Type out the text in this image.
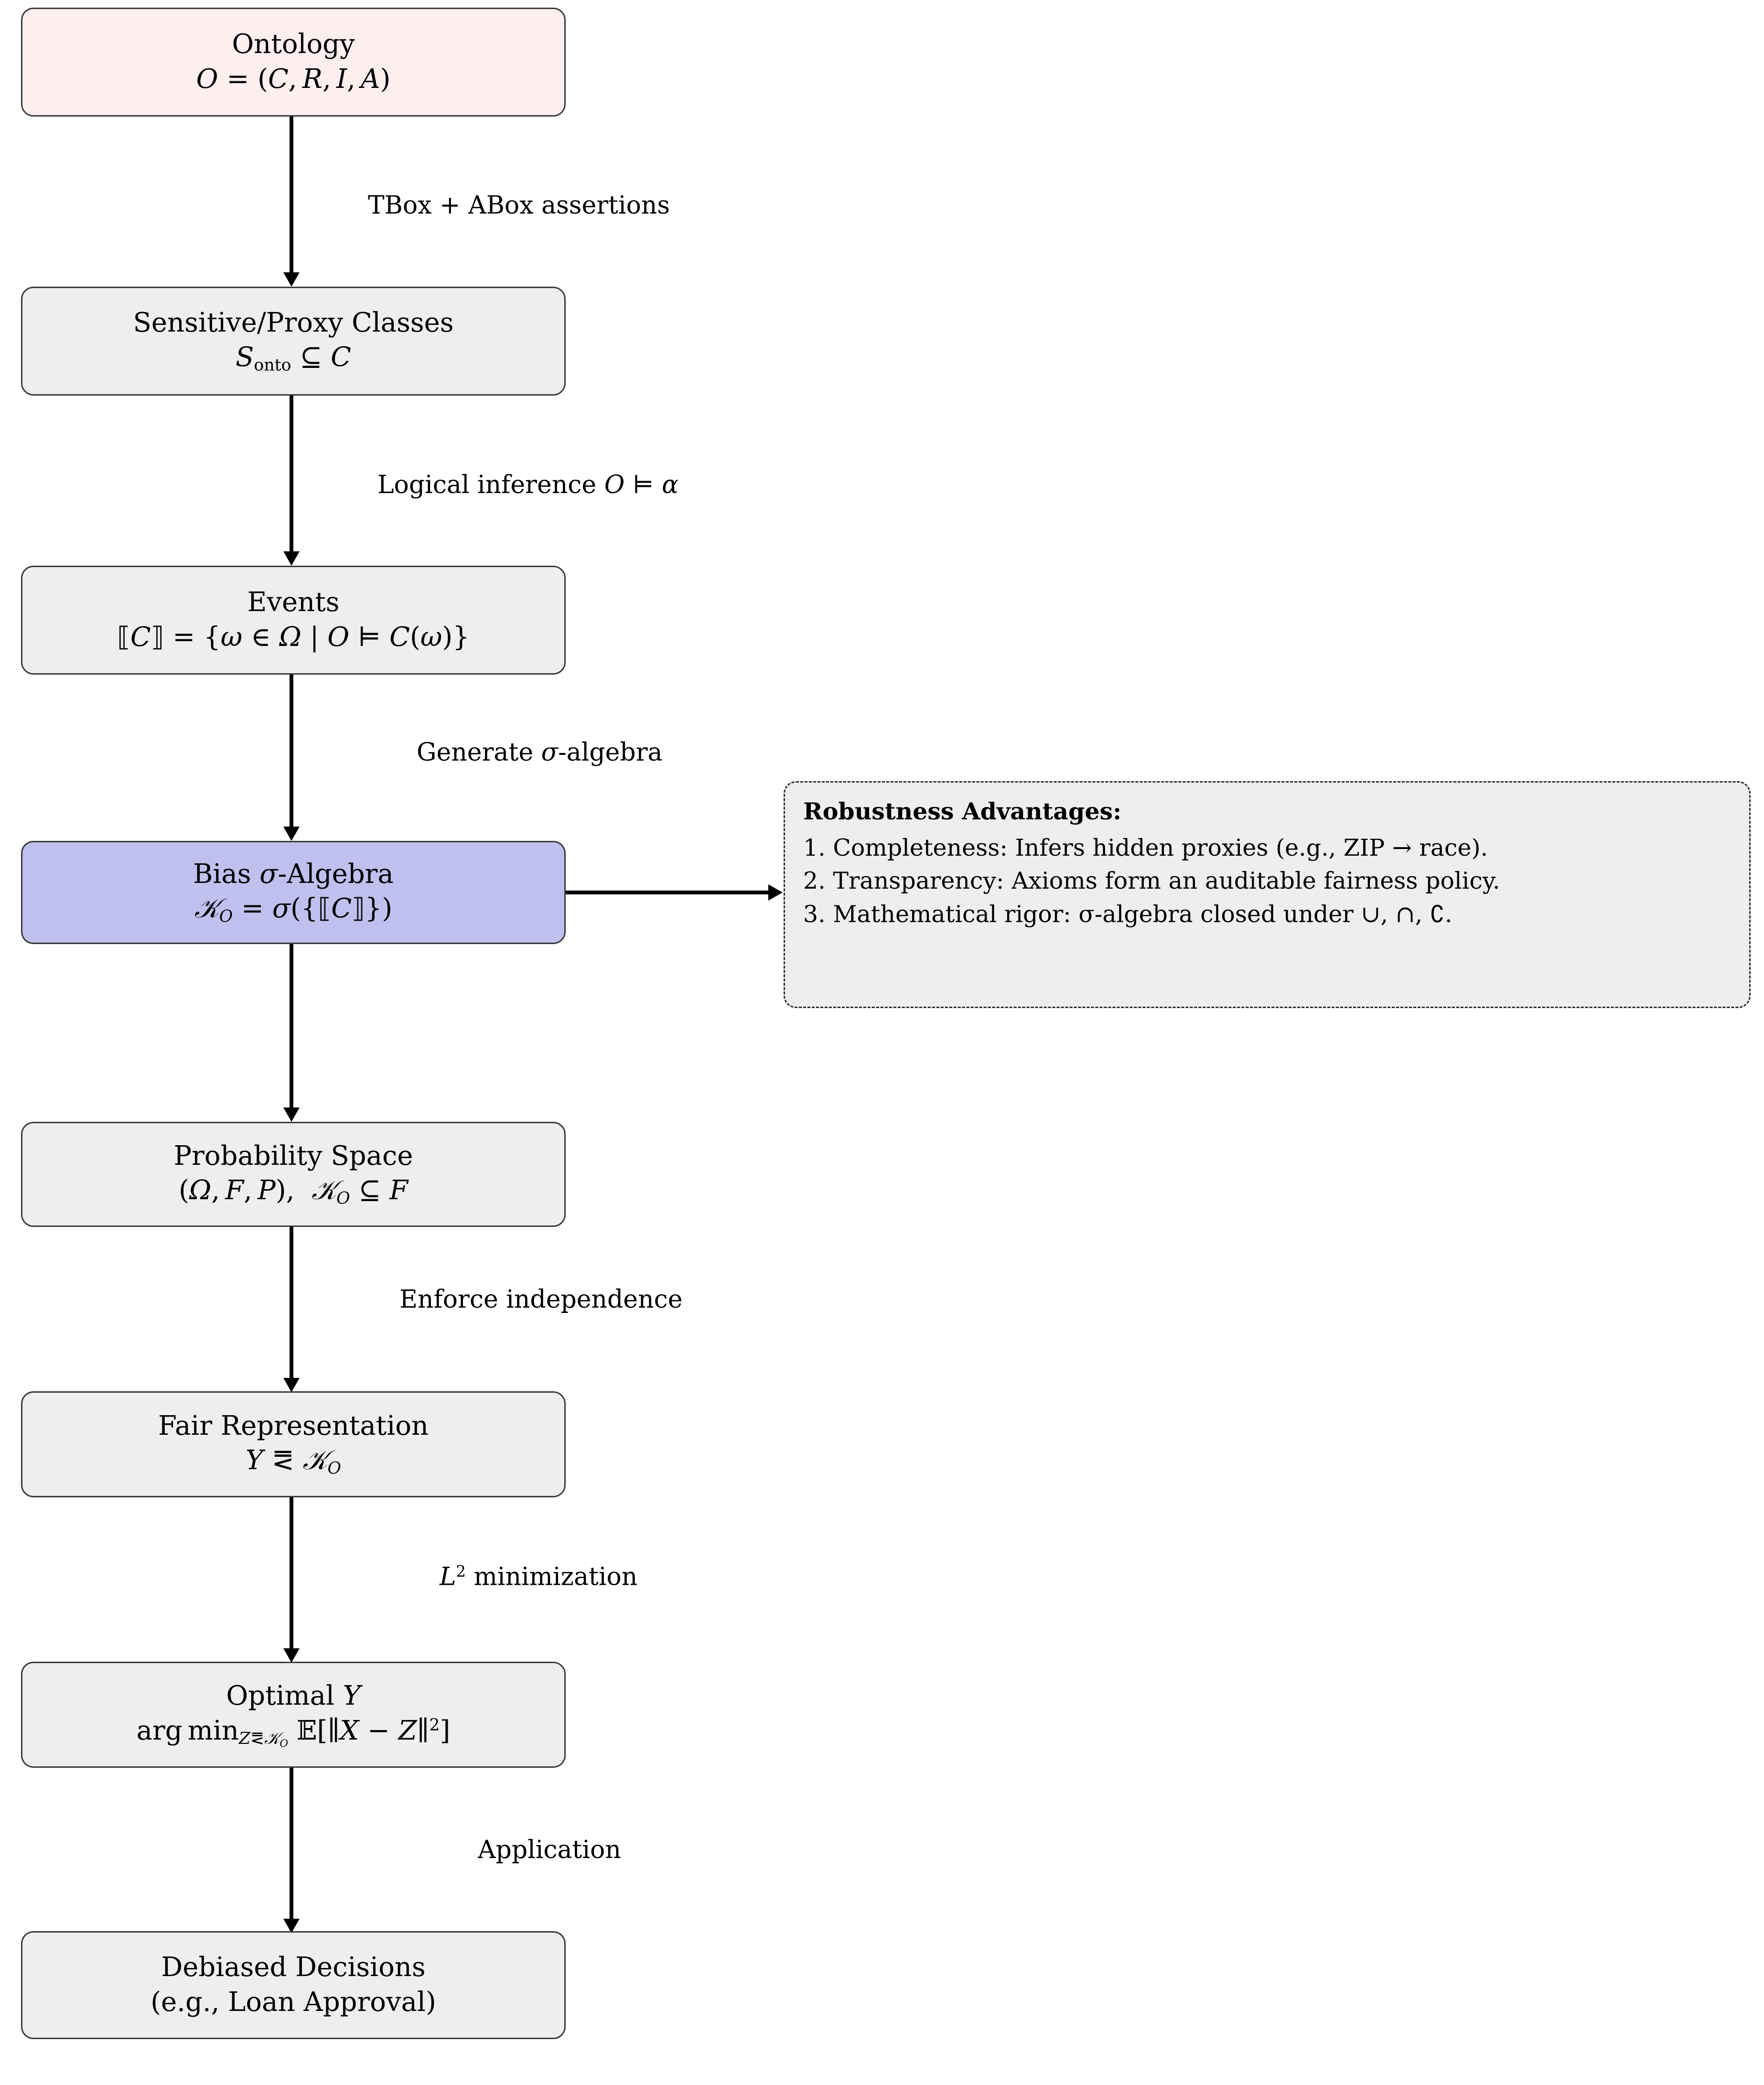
Ontology
O = (C, R, I, A)
TBox + ABox assertions
Sensitive/Proxy Classes
$S_{onto}$ ⊆ C
Logical inference O ⊨ α
Events
⟦C⟧ = {ω ∈ Ω | O ⊨ C(ω)}
Generate σ-algebra
Bias σ-Algebra
𝒦$_O$ = σ({⟦C⟧})
Robustness Advantages:
1. Completeness: Infers hidden proxies (e.g., ZIP → race).
2. Transparency: Axioms form an auditable fairness policy.
3. Mathematical rigor: σ-algebra closed under ∪, ∩, ∁.
Probability Space
(Ω, F, P),  𝒦$_O$ ⊆ F
Enforce independence
Fair Representation
Y ⪙ 𝒦$_O$
$L^2$ minimization
Optimal Y
arg $\min_{Z⪙𝒦_O}$ 𝔼[∥X − Z∥$^2$]
Application
Debiased Decisions
(e.g., Loan Approval)
